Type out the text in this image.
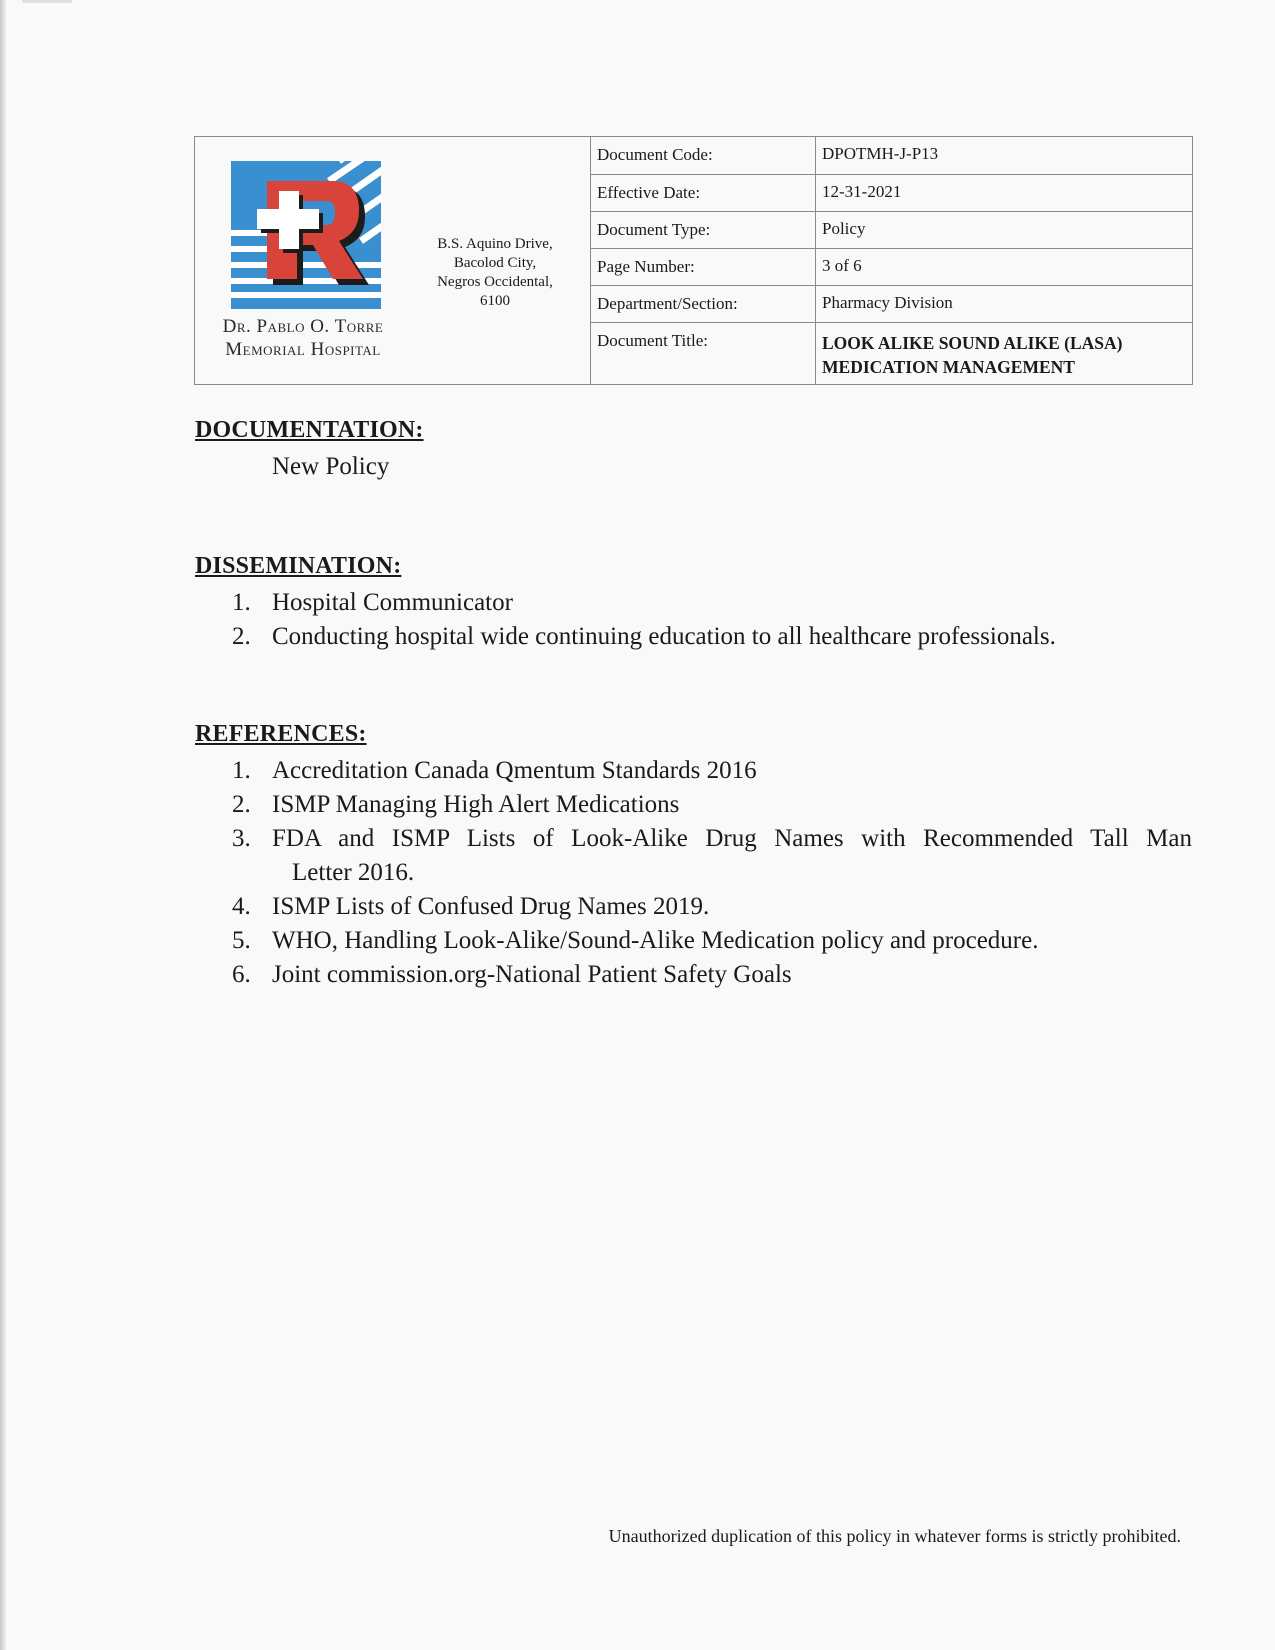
Dr. Pablo O. Torre
Memorial Hospital
B.S. Aquino Drive,
Bacolod City,
Negros Occidental,
6100
Document Code:	DPOTMH-J-P13
Effective Date:	12-31-2021
Document Type:	Policy
Page Number:	3 of 6
Department/Section:	Pharmacy Division
Document Title:	LOOK ALIKE SOUND ALIKE (LASA)
MEDICATION MANAGEMENT
DOCUMENTATION:
New Policy
DISSEMINATION:
1. Hospital Communicator
2. Conducting hospital wide continuing education to all healthcare professionals.
REFERENCES:
1. Accreditation Canada Qmentum Standards 2016
2. ISMP Managing High Alert Medications
3. FDA and ISMP Lists of Look-Alike Drug Names with Recommended Tall Man
Letter 2016.
4. ISMP Lists of Confused Drug Names 2019.
5. WHO, Handling Look-Alike/Sound-Alike Medication policy and procedure.
6. Joint commission.org-National Patient Safety Goals
Unauthorized duplication of this policy in whatever forms is strictly prohibited.
